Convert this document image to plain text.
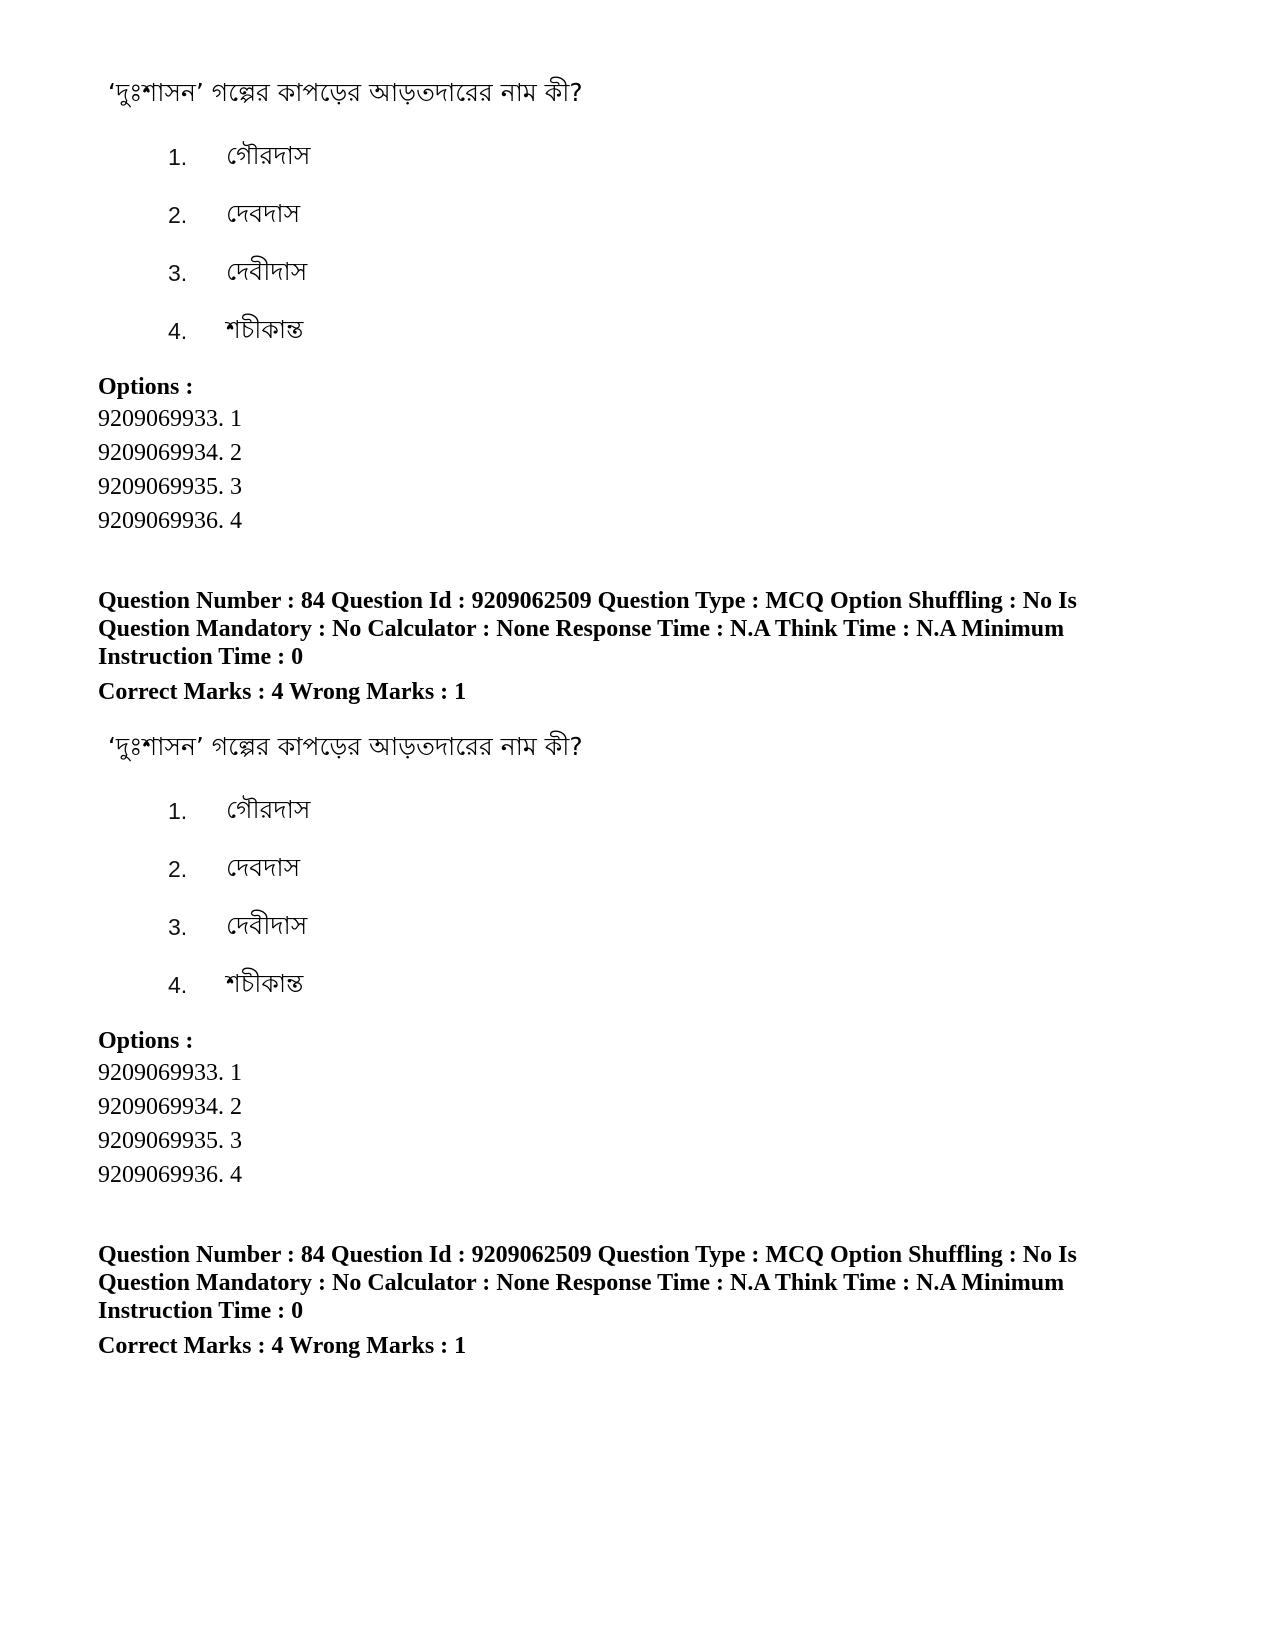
‘দুঃশাসন’ গল্পের কাপড়ের আড়তদারের নাম কী?
1.	গৌরদাস
2.	দেবদাস
3.	দেবীদাস
4.	শচীকান্ত
Options :
9209069933. 1
9209069934. 2
9209069935. 3
9209069936. 4
Question Number : 84 Question Id : 9209062509 Question Type : MCQ Option Shuffling : No Is
Question Mandatory : No Calculator : None Response Time : N.A Think Time : N.A Minimum
Instruction Time : 0
Correct Marks : 4 Wrong Marks : 1
‘দুঃশাসন’ গল্পের কাপড়ের আড়তদারের নাম কী?
1.	গৌরদাস
2.	দেবদাস
3.	দেবীদাস
4.	শচীকান্ত
Options :
9209069933. 1
9209069934. 2
9209069935. 3
9209069936. 4
Question Number : 84 Question Id : 9209062509 Question Type : MCQ Option Shuffling : No Is
Question Mandatory : No Calculator : None Response Time : N.A Think Time : N.A Minimum
Instruction Time : 0
Correct Marks : 4 Wrong Marks : 1
